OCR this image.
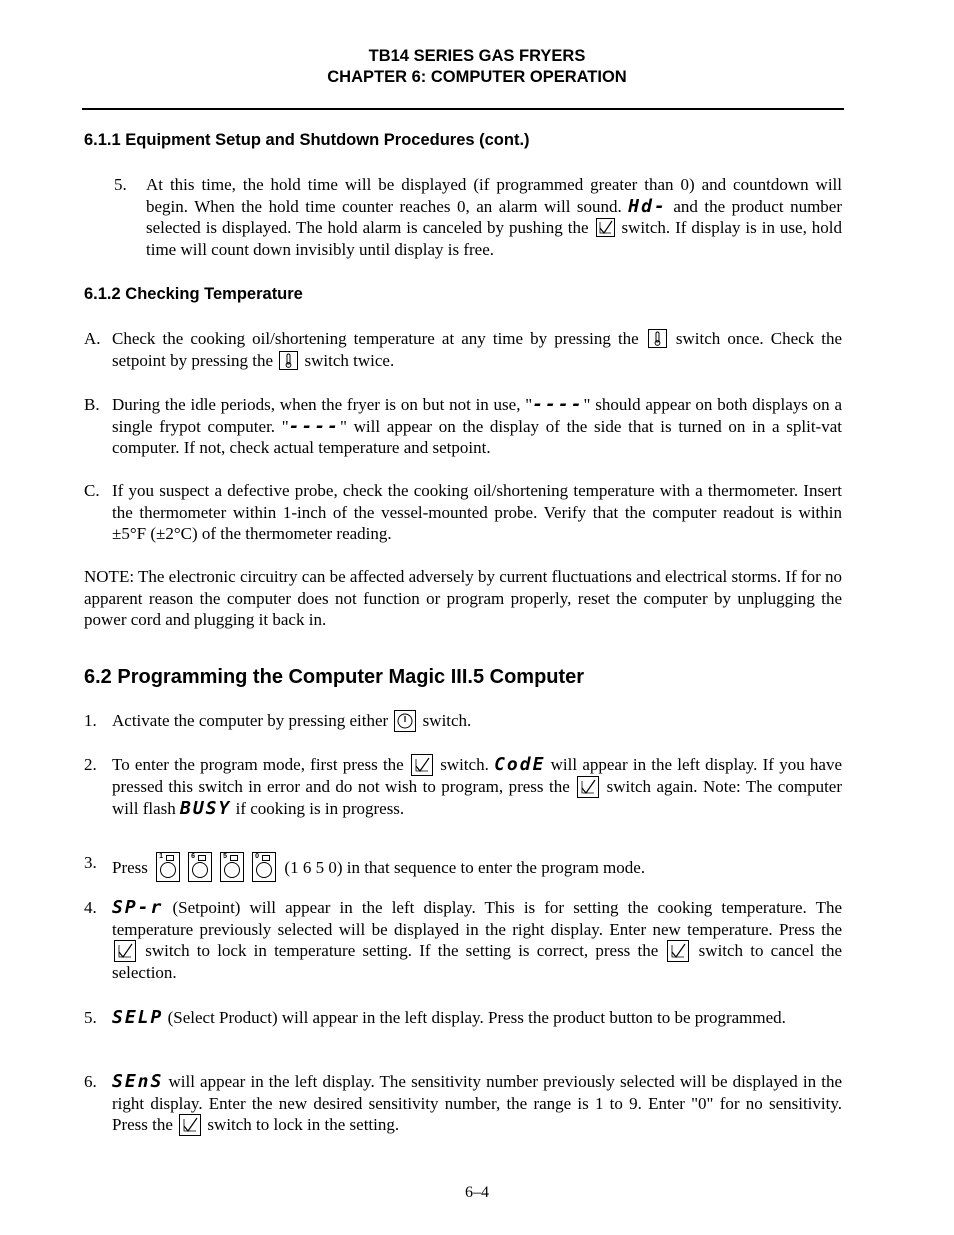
TB14 SERIES GAS FRYERS
CHAPTER 6: COMPUTER OPERATION
6.1.1 Equipment Setup and Shutdown Procedures (cont.)
5. At this time, the hold time will be displayed (if programmed greater than 0) and countdown will begin. When the hold time counter reaches 0, an alarm will sound. Hd- and the product number selected is displayed. The hold alarm is canceled by pushing the switch. If display is in use, hold time will count down invisibly until display is free.
6.1.2 Checking Temperature
A. Check the cooking oil/shortening temperature at any time by pressing the switch once. Check the setpoint by pressing the switch twice.
B. During the idle periods, when the fryer is on but not in use, "----" should appear on both displays on a single frypot computer. "----" will appear on the display of the side that is turned on in a split-vat computer. If not, check actual temperature and setpoint.
C. If you suspect a defective probe, check the cooking oil/shortening temperature with a thermometer. Insert the thermometer within 1-inch of the vessel-mounted probe. Verify that the computer readout is within ±5°F (±2°C) of the thermometer reading.
NOTE: The electronic circuitry can be affected adversely by current fluctuations and electrical storms. If for no apparent reason the computer does not function or program properly, reset the computer by unplugging the power cord and plugging it back in.
6.2 Programming the Computer Magic III.5 Computer
1. Activate the computer by pressing either switch.
2. To enter the program mode, first press the switch. CodE will appear in the left display. If you have pressed this switch in error and do not wish to program, press the switch again. Note: The computer will flash BUSY if cooking is in progress.
3. Press
1	6	5	0
(1 6 5 0) in that sequence to enter the program mode.
4. SP-r (Setpoint) will appear in the left display. This is for setting the cooking temperature. The temperature previously selected will be displayed in the right display. Enter new temperature. Press the
switch to lock in temperature setting. If the setting is correct, press the switch to cancel the selection.
5. SELP (Select Product) will appear in the left display. Press the product button to be programmed.
6. SEnS will appear in the left display. The sensitivity number previously selected will be displayed in the right display. Enter the new desired sensitivity number, the range is 1 to 9. Enter "0" for no sensitivity. Press the switch to lock in the setting.
6–4
